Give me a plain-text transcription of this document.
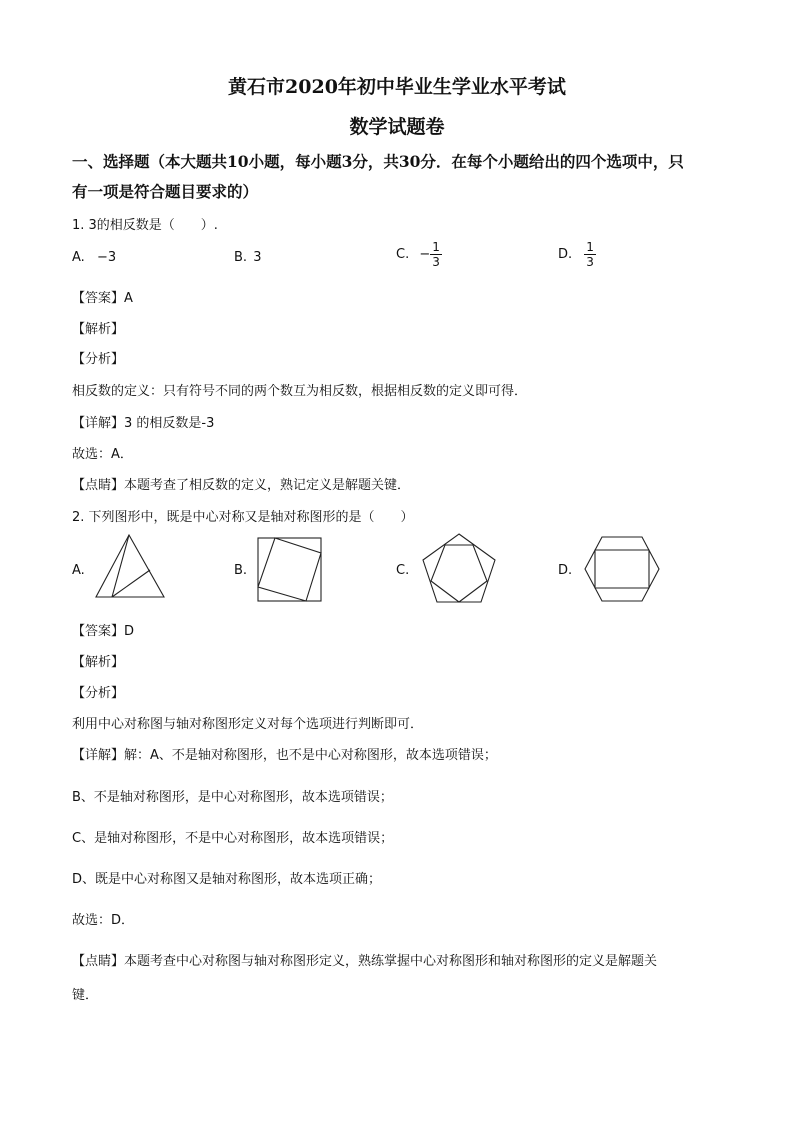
黄石市2020年初中毕业生学业水平考试
数学试题卷
一、选择题（本大题共10小题，每小题3分，共30分．在每个小题给出的四个选项中，只
有一项是符合题目要求的）
1. 3的相反数是（　　）.
A. −3	B. 3	C. − $\frac{1}{3}$	D. $\frac{1}{3}$
【答案】A
【解析】
【分析】
相反数的定义：只有符号不同的两个数互为相反数，根据相反数的定义即可得．
【详解】3 的相反数是-3
故选：A．
【点睛】本题考查了相反数的定义，熟记定义是解题关键．
2. 下列图形中，既是中心对称又是轴对称图形的是（　　）
A.	B.	C.	D.
【答案】D
【解析】
【分析】
利用中心对称图与轴对称图形定义对每个选项进行判断即可．
【详解】解：A、不是轴对称图形，也不是中心对称图形，故本选项错误；
B、不是轴对称图形，是中心对称图形，故本选项错误；
C、是轴对称图形，不是中心对称图形，故本选项错误；
D、既是中心对称图又是轴对称图形，故本选项正确；
故选：D．
【点睛】本题考查中心对称图与轴对称图形定义，熟练掌握中心对称图形和轴对称图形的定义是解题关
键．
